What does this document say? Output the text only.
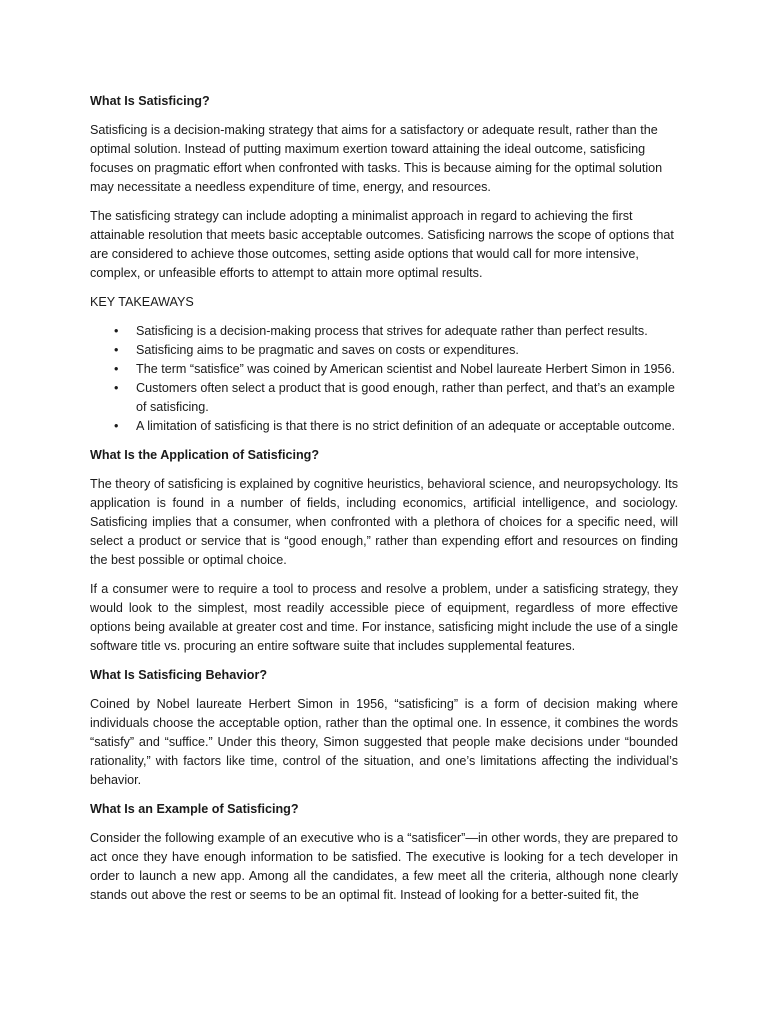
What Is Satisficing?

Satisficing is a decision-making strategy that aims for a satisfactory or adequate result, rather than the optimal solution. Instead of putting maximum exertion toward attaining the ideal outcome, satisficing focuses on pragmatic effort when confronted with tasks. This is because aiming for the optimal solution may necessitate a needless expenditure of time, energy, and resources.

The satisficing strategy can include adopting a minimalist approach in regard to achieving the first attainable resolution that meets basic acceptable outcomes. Satisficing narrows the scope of options that are considered to achieve those outcomes, setting aside options that would call for more intensive, complex, or unfeasible efforts to attempt to attain more optimal results.

KEY TAKEAWAYS
• Satisficing is a decision-making process that strives for adequate rather than perfect results.
• Satisficing aims to be pragmatic and saves on costs or expenditures.
• The term “satisfice” was coined by American scientist and Nobel laureate Herbert Simon in 1956.
• Customers often select a product that is good enough, rather than perfect, and that’s an example of satisficing.
• A limitation of satisficing is that there is no strict definition of an adequate or acceptable outcome.
What Is the Application of Satisficing?

The theory of satisficing is explained by cognitive heuristics, behavioral science, and neuropsychology. Its application is found in a number of fields, including economics, artificial intelligence, and sociology. Satisficing implies that a consumer, when confronted with a plethora of choices for a specific need, will select a product or service that is “good enough,” rather than expending effort and resources on finding the best possible or optimal choice.

If a consumer were to require a tool to process and resolve a problem, under a satisficing strategy, they would look to the simplest, most readily accessible piece of equipment, regardless of more effective options being available at greater cost and time. For instance, satisficing might include the use of a single software title vs. procuring an entire software suite that includes supplemental features.

What Is Satisficing Behavior?

Coined by Nobel laureate Herbert Simon in 1956, “satisficing” is a form of decision making where individuals choose the acceptable option, rather than the optimal one. In essence, it combines the words “satisfy” and “suffice.” Under this theory, Simon suggested that people make decisions under “bounded rationality,” with factors like time, control of the situation, and one’s limitations affecting the individual’s behavior.

What Is an Example of Satisficing?

Consider the following example of an executive who is a “satisficer”—in other words, they are prepared to act once they have enough information to be satisfied. The executive is looking for a tech developer in order to launch a new app. Among all the candidates, a few meet all the criteria, although none clearly stands out above the rest or seems to be an optimal fit. Instead of looking for a better-suited fit, the
